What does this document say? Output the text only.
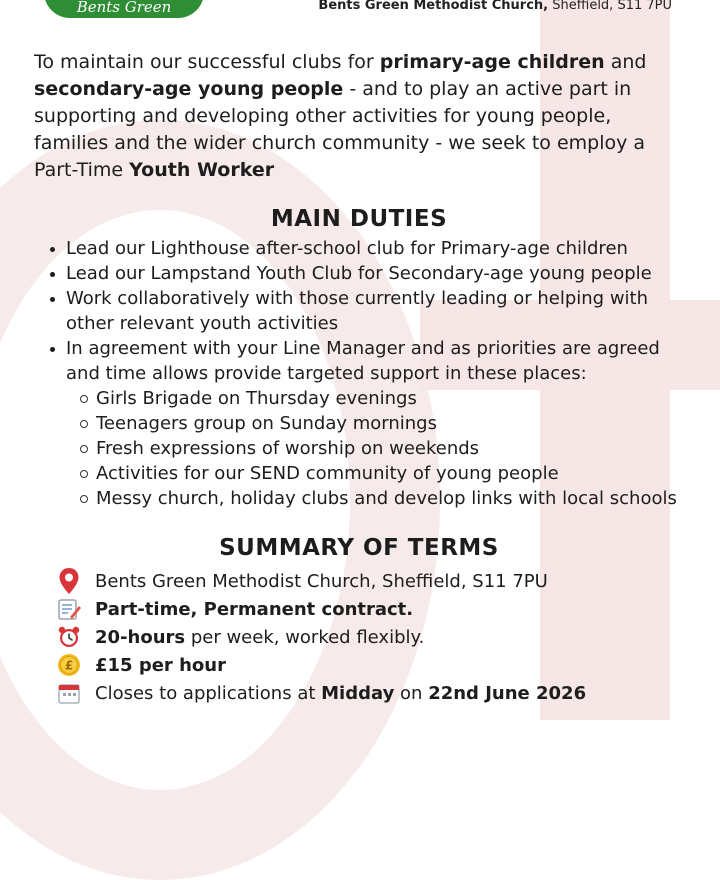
Bents Green	Bents Green Methodist Church, Sheffield, S11 7PU

To maintain our successful clubs for primary-age children and secondary-age young people - and to play an active part in supporting and developing other activities for young people, families and the wider church community - we seek to employ a Part-Time Youth Worker

MAIN DUTIES
Lead our Lighthouse after-school club for Primary-age children
Lead our Lampstand Youth Club for Secondary-age young people
Work collaboratively with those currently leading or helping with other relevant youth activities
In agreement with your Line Manager and as priorities are agreed and time allows provide targeted support in these places:
Girls Brigade on Thursday evenings
Teenagers group on Sunday mornings
Fresh expressions of worship on weekends
Activities for our SEND community of young people
Messy church, holiday clubs and develop links with local schools
SUMMARY OF TERMS
Bents Green Methodist Church, Sheffield, S11 7PU
Part-time, Permanent contract.
20-hours per week, worked flexibly.
£ £15 per hour
Closes to applications at Midday on 22nd June 2026
